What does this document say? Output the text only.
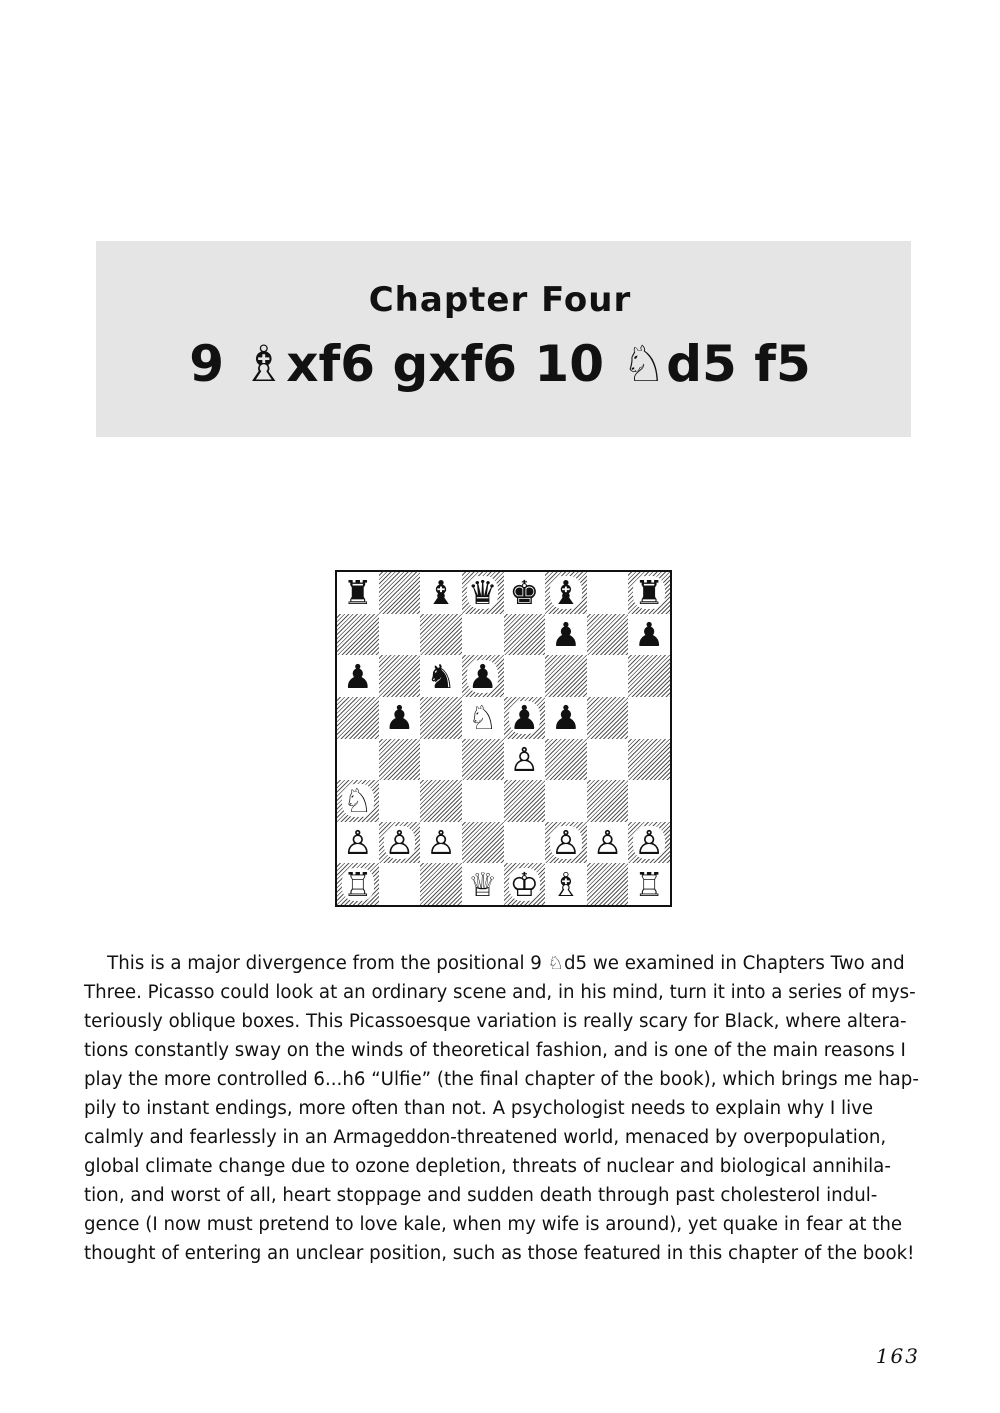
Chapter Four
9 ♗xf6 gxf6 10 ♘d5 f5
♜ ♝ ♛ ♚ ♝ ♜
♟ ♟
♟ ♞ ♟
♟ ♘ ♟ ♟
♙
♘
♙ ♙ ♙	♙ ♙ ♙
♖	♕ ♔ ♗ ♖

This is a major divergence from the positional 9 ♘d5 we examined in Chapters Two and
Three. Picasso could look at an ordinary scene and, in his mind, turn it into a series of mys-
teriously oblique boxes. This Picassoesque variation is really scary for Black, where altera-
tions constantly sway on the winds of theoretical fashion, and is one of the main reasons I
play the more controlled 6...h6 “Ulfie” (the final chapter of the book), which brings me hap-
pily to instant endings, more often than not. A psychologist needs to explain why I live
calmly and fearlessly in an Armageddon-threatened world, menaced by overpopulation,
global climate change due to ozone depletion, threats of nuclear and biological annihila-
tion, and worst of all, heart stoppage and sudden death through past cholesterol indul-
gence (I now must pretend to love kale, when my wife is around), yet quake in fear at the
thought of entering an unclear position, such as those featured in this chapter of the book!

163
